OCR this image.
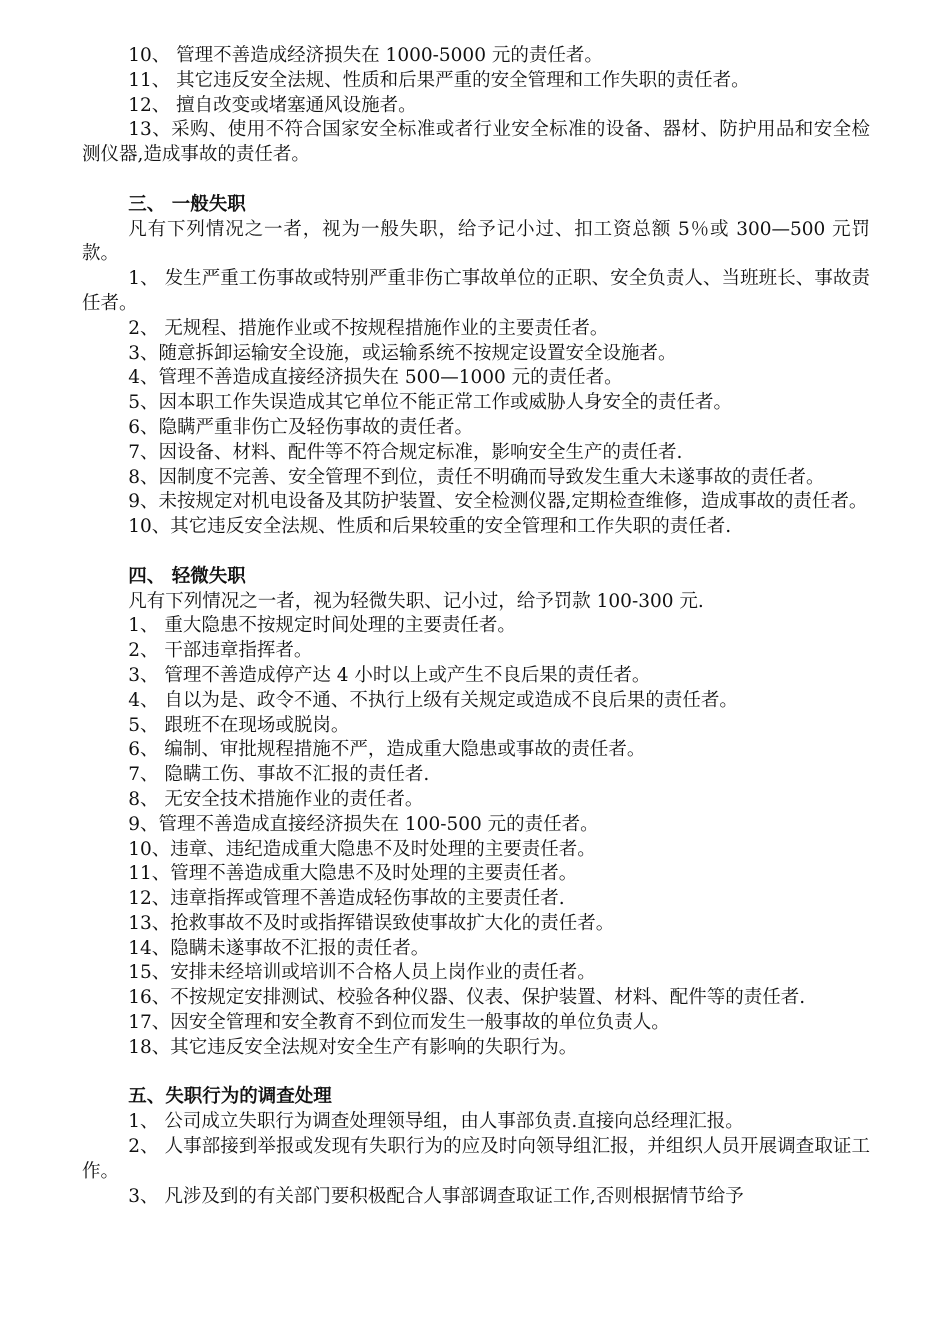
10、 管理不善造成经济损失在 1000-5000 元的责任者。

11、 其它违反安全法规、性质和后果严重的安全管理和工作失职的责任者。

12、 擅自改变或堵塞通风设施者。

13、采购、使用不符合国家安全标准或者行业安全标准的设备、器材、防护用品和安全检测仪器,造成事故的责任者。

三、 一般失职

凡有下列情况之一者，视为一般失职，给予记小过、扣工资总额 5％或 300—500 元罚款。

1、 发生严重工伤事故或特别严重非伤亡事故单位的正职、安全负责人、当班班长、事故责任者。

2、 无规程、措施作业或不按规程措施作业的主要责任者。

3、随意拆卸运输安全设施，或运输系统不按规定设置安全设施者。

4、管理不善造成直接经济损失在 500—1000 元的责任者。

5、因本职工作失误造成其它单位不能正常工作或威胁人身安全的责任者。

6、隐瞒严重非伤亡及轻伤事故的责任者。

7、因设备、材料、配件等不符合规定标准，影响安全生产的责任者.

8、因制度不完善、安全管理不到位，责任不明确而导致发生重大未遂事故的责任者。

9、未按规定对机电设备及其防护装置、安全检测仪器,定期检查维修，造成事故的责任者。

10、其它违反安全法规、性质和后果较重的安全管理和工作失职的责任者.

四、 轻微失职

凡有下列情况之一者，视为轻微失职、记小过，给予罚款 100-300 元.

1、 重大隐患不按规定时间处理的主要责任者。

2、 干部违章指挥者。

3、 管理不善造成停产达 4 小时以上或产生不良后果的责任者。

4、 自以为是、政令不通、不执行上级有关规定或造成不良后果的责任者。

5、 跟班不在现场或脱岗。

6、 编制、审批规程措施不严，造成重大隐患或事故的责任者。

7、 隐瞒工伤、事故不汇报的责任者.

8、 无安全技术措施作业的责任者。

9、管理不善造成直接经济损失在 100-500 元的责任者。

10、违章、违纪造成重大隐患不及时处理的主要责任者。

11、管理不善造成重大隐患不及时处理的主要责任者。

12、违章指挥或管理不善造成轻伤事故的主要责任者.

13、抢救事故不及时或指挥错误致使事故扩大化的责任者。

14、隐瞒未遂事故不汇报的责任者。

15、安排未经培训或培训不合格人员上岗作业的责任者。

16、不按规定安排测试、校验各种仪器、仪表、保护装置、材料、配件等的责任者.

17、因安全管理和安全教育不到位而发生一般事故的单位负责人。

18、其它违反安全法规对安全生产有影响的失职行为。

五、失职行为的调查处理

1、 公司成立失职行为调查处理领导组，由人事部负责.直接向总经理汇报。

2、 人事部接到举报或发现有失职行为的应及时向领导组汇报，并组织人员开展调查取证工作。

3、 凡涉及到的有关部门要积极配合人事部调查取证工作,否则根据情节给予
